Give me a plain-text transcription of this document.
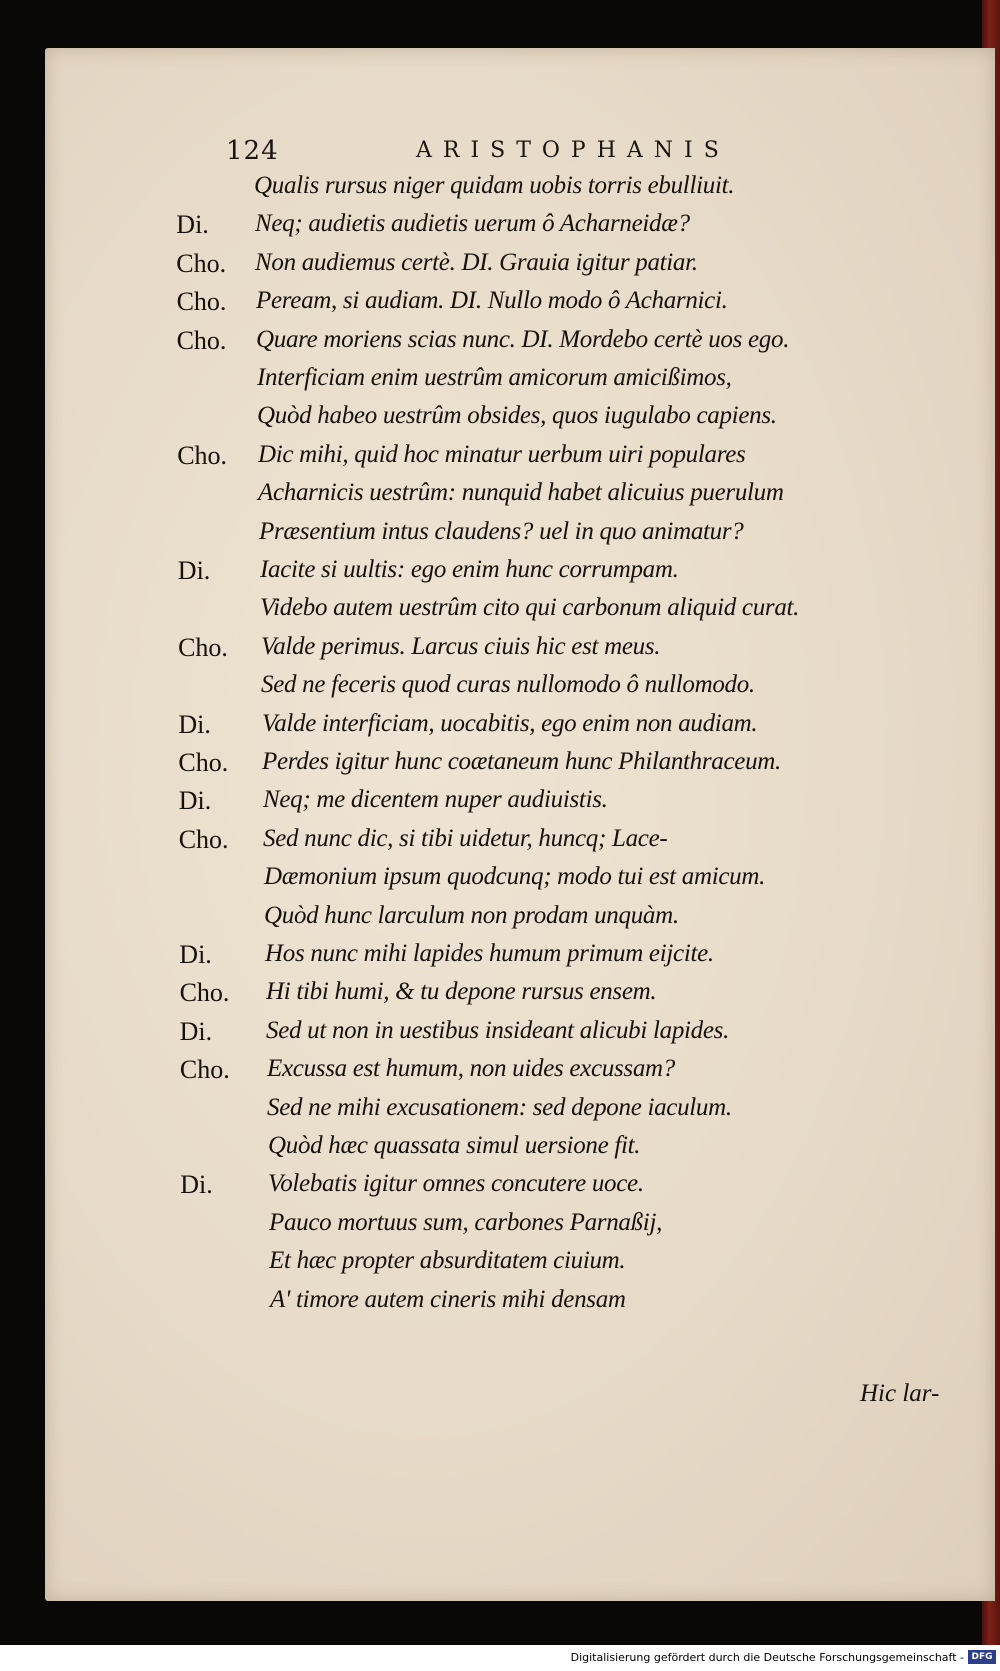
124	ARISTOPHANIS
Qualis rursus niger quidam uobis torris ebulliuit.
Di. Neq; audietis audietis uerum ô Acharneidæ?
Cho. Non audiemus certè. DI. Grauia igitur patiar.
Cho. Peream, si audiam. DI. Nullo modo ô Acharnici.
Cho. Quare moriens scias nunc. DI. Mordebo certè uos ego.
Interficiam enim uestrûm amicorum amicißimos,
Quòd habeo uestrûm obsides, quos iugulabo capiens.
Cho. Dic mihi, quid hoc minatur uerbum uiri populares
Acharnicis uestrûm: nunquid habet alicuius puerulum
Præsentium intus claudens? uel in quo animatur?
Di. Iacite si uultis: ego enim hunc corrumpam.
Videbo autem uestrûm cito qui carbonum aliquid curat.
Cho. Valde perimus. Larcus ciuis hic est meus.
Sed ne feceris quod curas nullomodo ô nullomodo.
Di. Valde interficiam, uocabitis, ego enim non audiam.
Cho. Perdes igitur hunc coætaneum hunc Philanthraceum.
Di. Neq; me dicentem nuper audiuistis.
Cho. Sed nunc dic, si tibi uidetur, huncq; Lace-
Dæmonium ipsum quodcunq; modo tui est amicum.
Quòd hunc larculum non prodam unquàm.
Di. Hos nunc mihi lapides humum primum eijcite.
Cho. Hi tibi humi, & tu depone rursus ensem.
Di. Sed ut non in uestibus insideant alicubi lapides.
Cho. Excussa est humum, non uides excussam?
Sed ne mihi excusationem: sed depone iaculum.
Quòd hæc quassata simul uersione fit.
Di. Volebatis igitur omnes concutere uoce.
Pauco mortuus sum, carbones Parnaßij,
Et hæc propter absurditatem ciuium.
A' timore autem cineris mihi densam
Hic lar-
Digitalisierung gefördert durch die Deutsche Forschungsgemeinschaft - DFG
